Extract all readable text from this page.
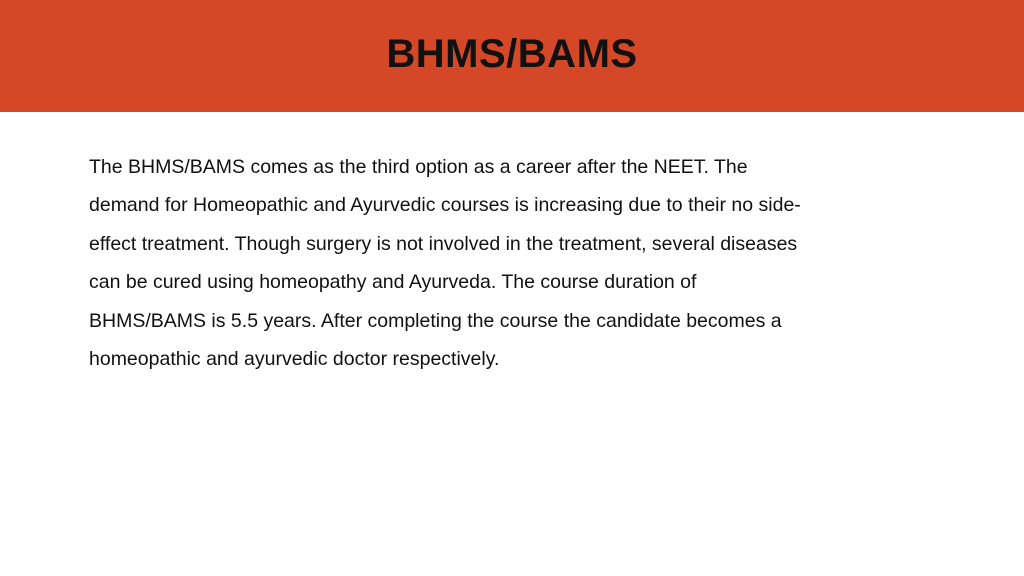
BHMS/BAMS
The BHMS/BAMS comes as the third option as a career after the NEET. The
demand for Homeopathic and Ayurvedic courses is increasing due to their no side-
effect treatment. Though surgery is not involved in the treatment, several diseases
can be cured using homeopathy and Ayurveda. The course duration of
BHMS/BAMS is 5.5 years. After completing the course the candidate becomes a
homeopathic and ayurvedic doctor respectively.
